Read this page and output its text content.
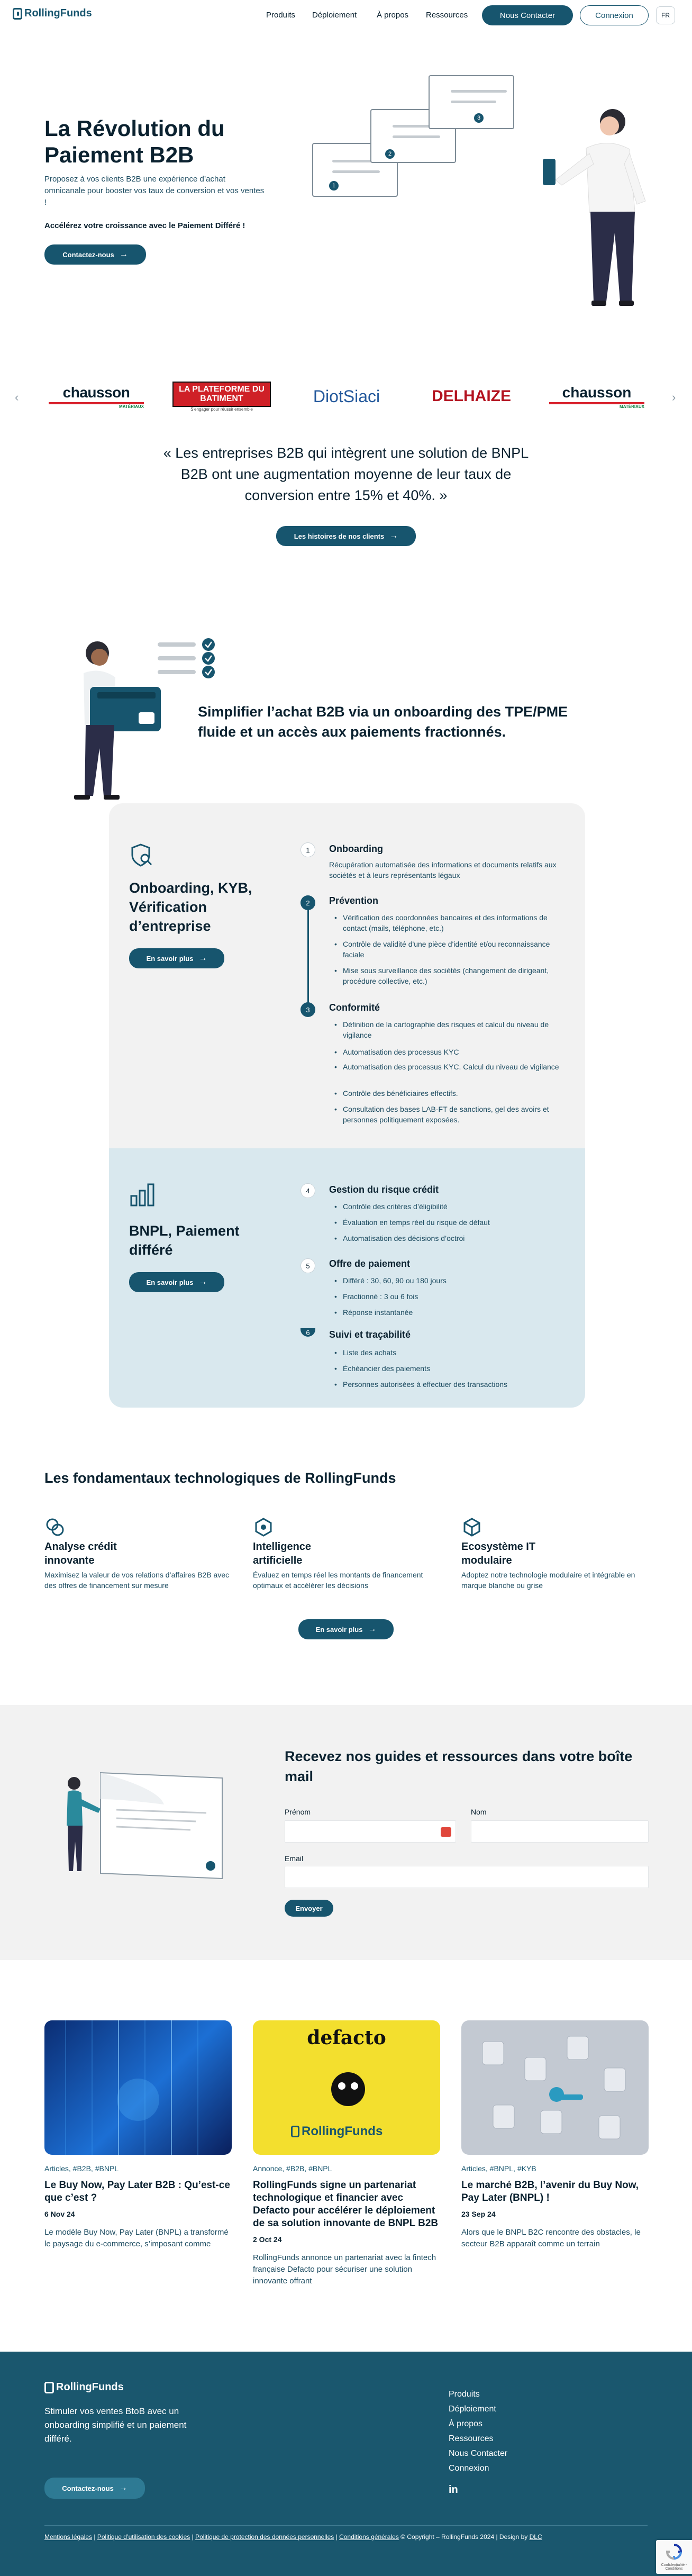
RollingFunds	Produits Déploiement	À propos Ressources	Nous Contacter	Connexion	FR
La Révolution du Paiement B2B
Proposez à vos clients B2B une expérience d’achat omnicanale pour booster vos taux de conversion et vos ventes !
Accélérez votre croissance avec le Paiement Différé !
Contactez-nous →
1
2
3
‹	›
chausson
MATÉRIAUX
LA PLATEFORME DU BATIMENT
S'engager pour réussir ensemble
DiotSiaci	DELHAIZE	chausson
MATÉRIAUX
« Les entreprises B2B qui intègrent une solution de BNPL B2B ont une augmentation moyenne de leur taux de conversion entre 15% et 40%. »
Les histoires de nos clients →
Simplifier l’achat B2B via un onboarding des TPE/PME fluide et un accès aux paiements fractionnés.
Onboarding, KYB, Vérification d’entreprise
En savoir plus →
1	Onboarding
Récupération automatisée des informations et documents relatifs aux sociétés et à leurs représentants légaux
2	Prévention
• Vérification des coordonnées bancaires et des informations de contact (mails, téléphone, etc.)
• Contrôle de validité d'une pièce d'identité et/ou reconnaissance faciale
• Mise sous surveillance des sociétés (changement de dirigeant, procédure collective, etc.)
3	Conformité
• Définition de la cartographie des risques et calcul du niveau de vigilance
• Automatisation des processus KYC
• Automatisation des processus KYC. Calcul du niveau de vigilance
• Contrôle des bénéficiaires effectifs.
• Consultation des bases LAB-FT de sanctions, gel des avoirs et personnes politiquement exposées.
BNPL, Paiement différé
En savoir plus →
4	Gestion du risque crédit
• Contrôle des critères d’éligibilité
• Évaluation en temps réel du risque de défaut
• Automatisation des décisions d’octroi
5	Offre de paiement
• Différé : 30, 60, 90 ou 180 jours
• Fractionné : 3 ou 6 fois
• Réponse instantanée
6	Suivi et traçabilité
• Liste des achats
• Échéancier des paiements
• Personnes autorisées à effectuer des transactions
Les fondamentaux technologiques de RollingFunds
Analyse crédit innovante
Maximisez la valeur de vos relations d’affaires B2B avec des offres de financement sur mesure
Intelligence artificielle
Évaluez en temps réel les montants de financement optimaux et accélérer les décisions
Ecosystème IT modulaire
Adoptez notre technologie modulaire et intégrable en marque blanche ou grise
En savoir plus →
Recevez nos guides et ressources dans votre boîte mail
Prénom	Nom
Email
Envoyer
defacto
RollingFunds
Articles, #B2B, #BNPL
Le Buy Now, Pay Later B2B : Qu’est-ce que c’est ?
6 Nov 24
Le modèle Buy Now, Pay Later (BNPL) a transformé le paysage du e-commerce, s’imposant comme
Annonce, #B2B, #BNPL
RollingFunds signe un partenariat technologique et financier avec Defacto pour accélérer le déploiement de sa solution innovante de BNPL B2B
2 Oct 24
RollingFunds annonce un partenariat avec la fintech française Defacto pour sécuriser une solution innovante offrant
Articles, #BNPL, #KYB
Le marché B2B, l’avenir du Buy Now, Pay Later (BNPL) !
23 Sep 24
Alors que le BNPL B2C rencontre des obstacles, le secteur B2B apparaît comme un terrain
RollingFunds
Stimuler vos ventes BtoB avec un onboarding simplifié et un paiement différé.
Contactez-nous →
Produits
Déploiement
À propos
Ressources
Nous Contacter
Connexion
in
Mentions légales | Politique d’utilisation des cookies | Politique de protection des données personnelles | Conditions générales © Copyright – RollingFunds 2024 | Design by DLC
Confidentialité - Conditions
